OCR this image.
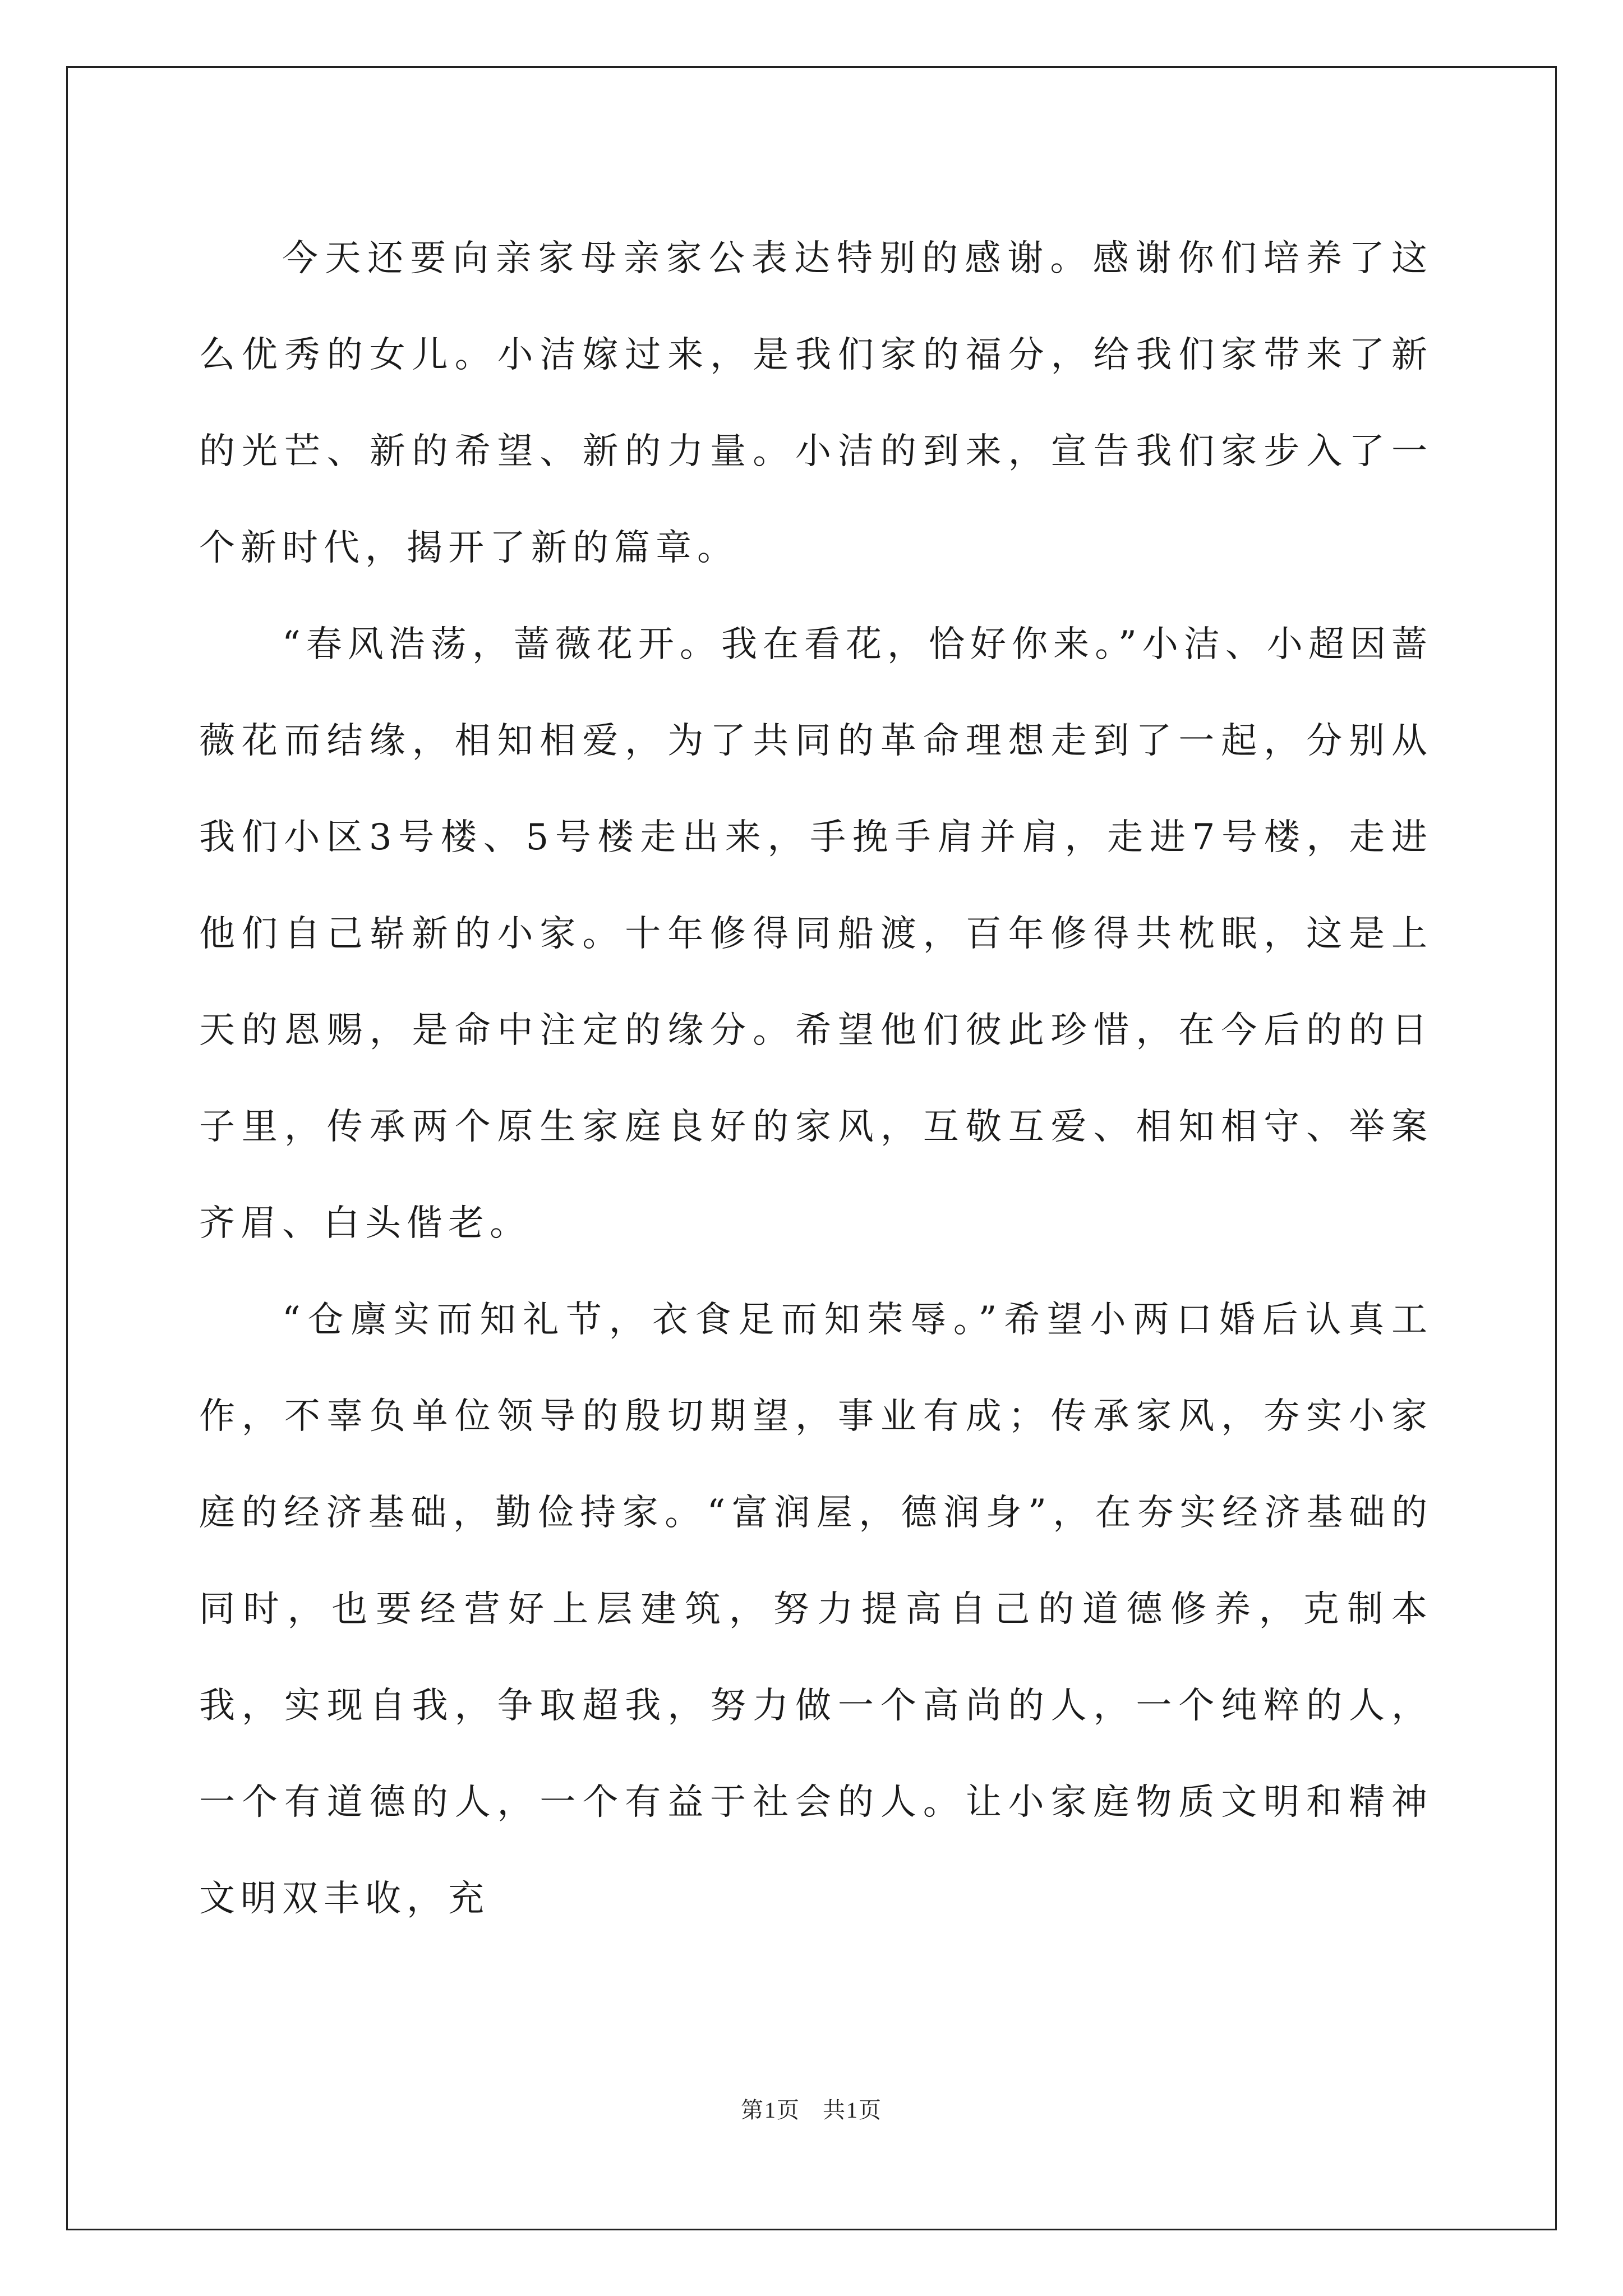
今天还要向亲家母亲家公表达特别的感谢。感谢你们培养了这么优秀的女儿。小洁嫁过来，是我们家的福分，给我们家带来了新的光芒、新的希望、新的力量。小洁的到来，宣告我们家步入了一个新时代，揭开了新的篇章。

“春风浩荡，蔷薇花开。我在看花，恰好你来。”小洁、小超因蔷薇花而结缘，相知相爱，为了共同的革命理想走到了一起，分别从我们小区3号楼、5号楼走出来，手挽手肩并肩，走进7号楼，走进他们自己崭新的小家。十年修得同船渡，百年修得共枕眠，这是上天的恩赐，是命中注定的缘分。希望他们彼此珍惜，在今后的的日子里，传承两个原生家庭良好的家风，互敬互爱、相知相守、举案齐眉、白头偕老。

“仓廪实而知礼节，衣食足而知荣辱。”希望小两口婚后认真工作，不辜负单位领导的殷切期望，事业有成；传承家风，夯实小家庭的经济基础，勤俭持家。“富润屋，德润身”，在夯实经济基础的同时，也要经营好上层建筑，努力提高自己的道德修养，克制本我，实现自我，争取超我，努力做一个高尚的人，一个纯粹的人，一个有道德的人，一个有益于社会的人。让小家庭物质文明和精神文明双丰收，充

第1页 共1页
